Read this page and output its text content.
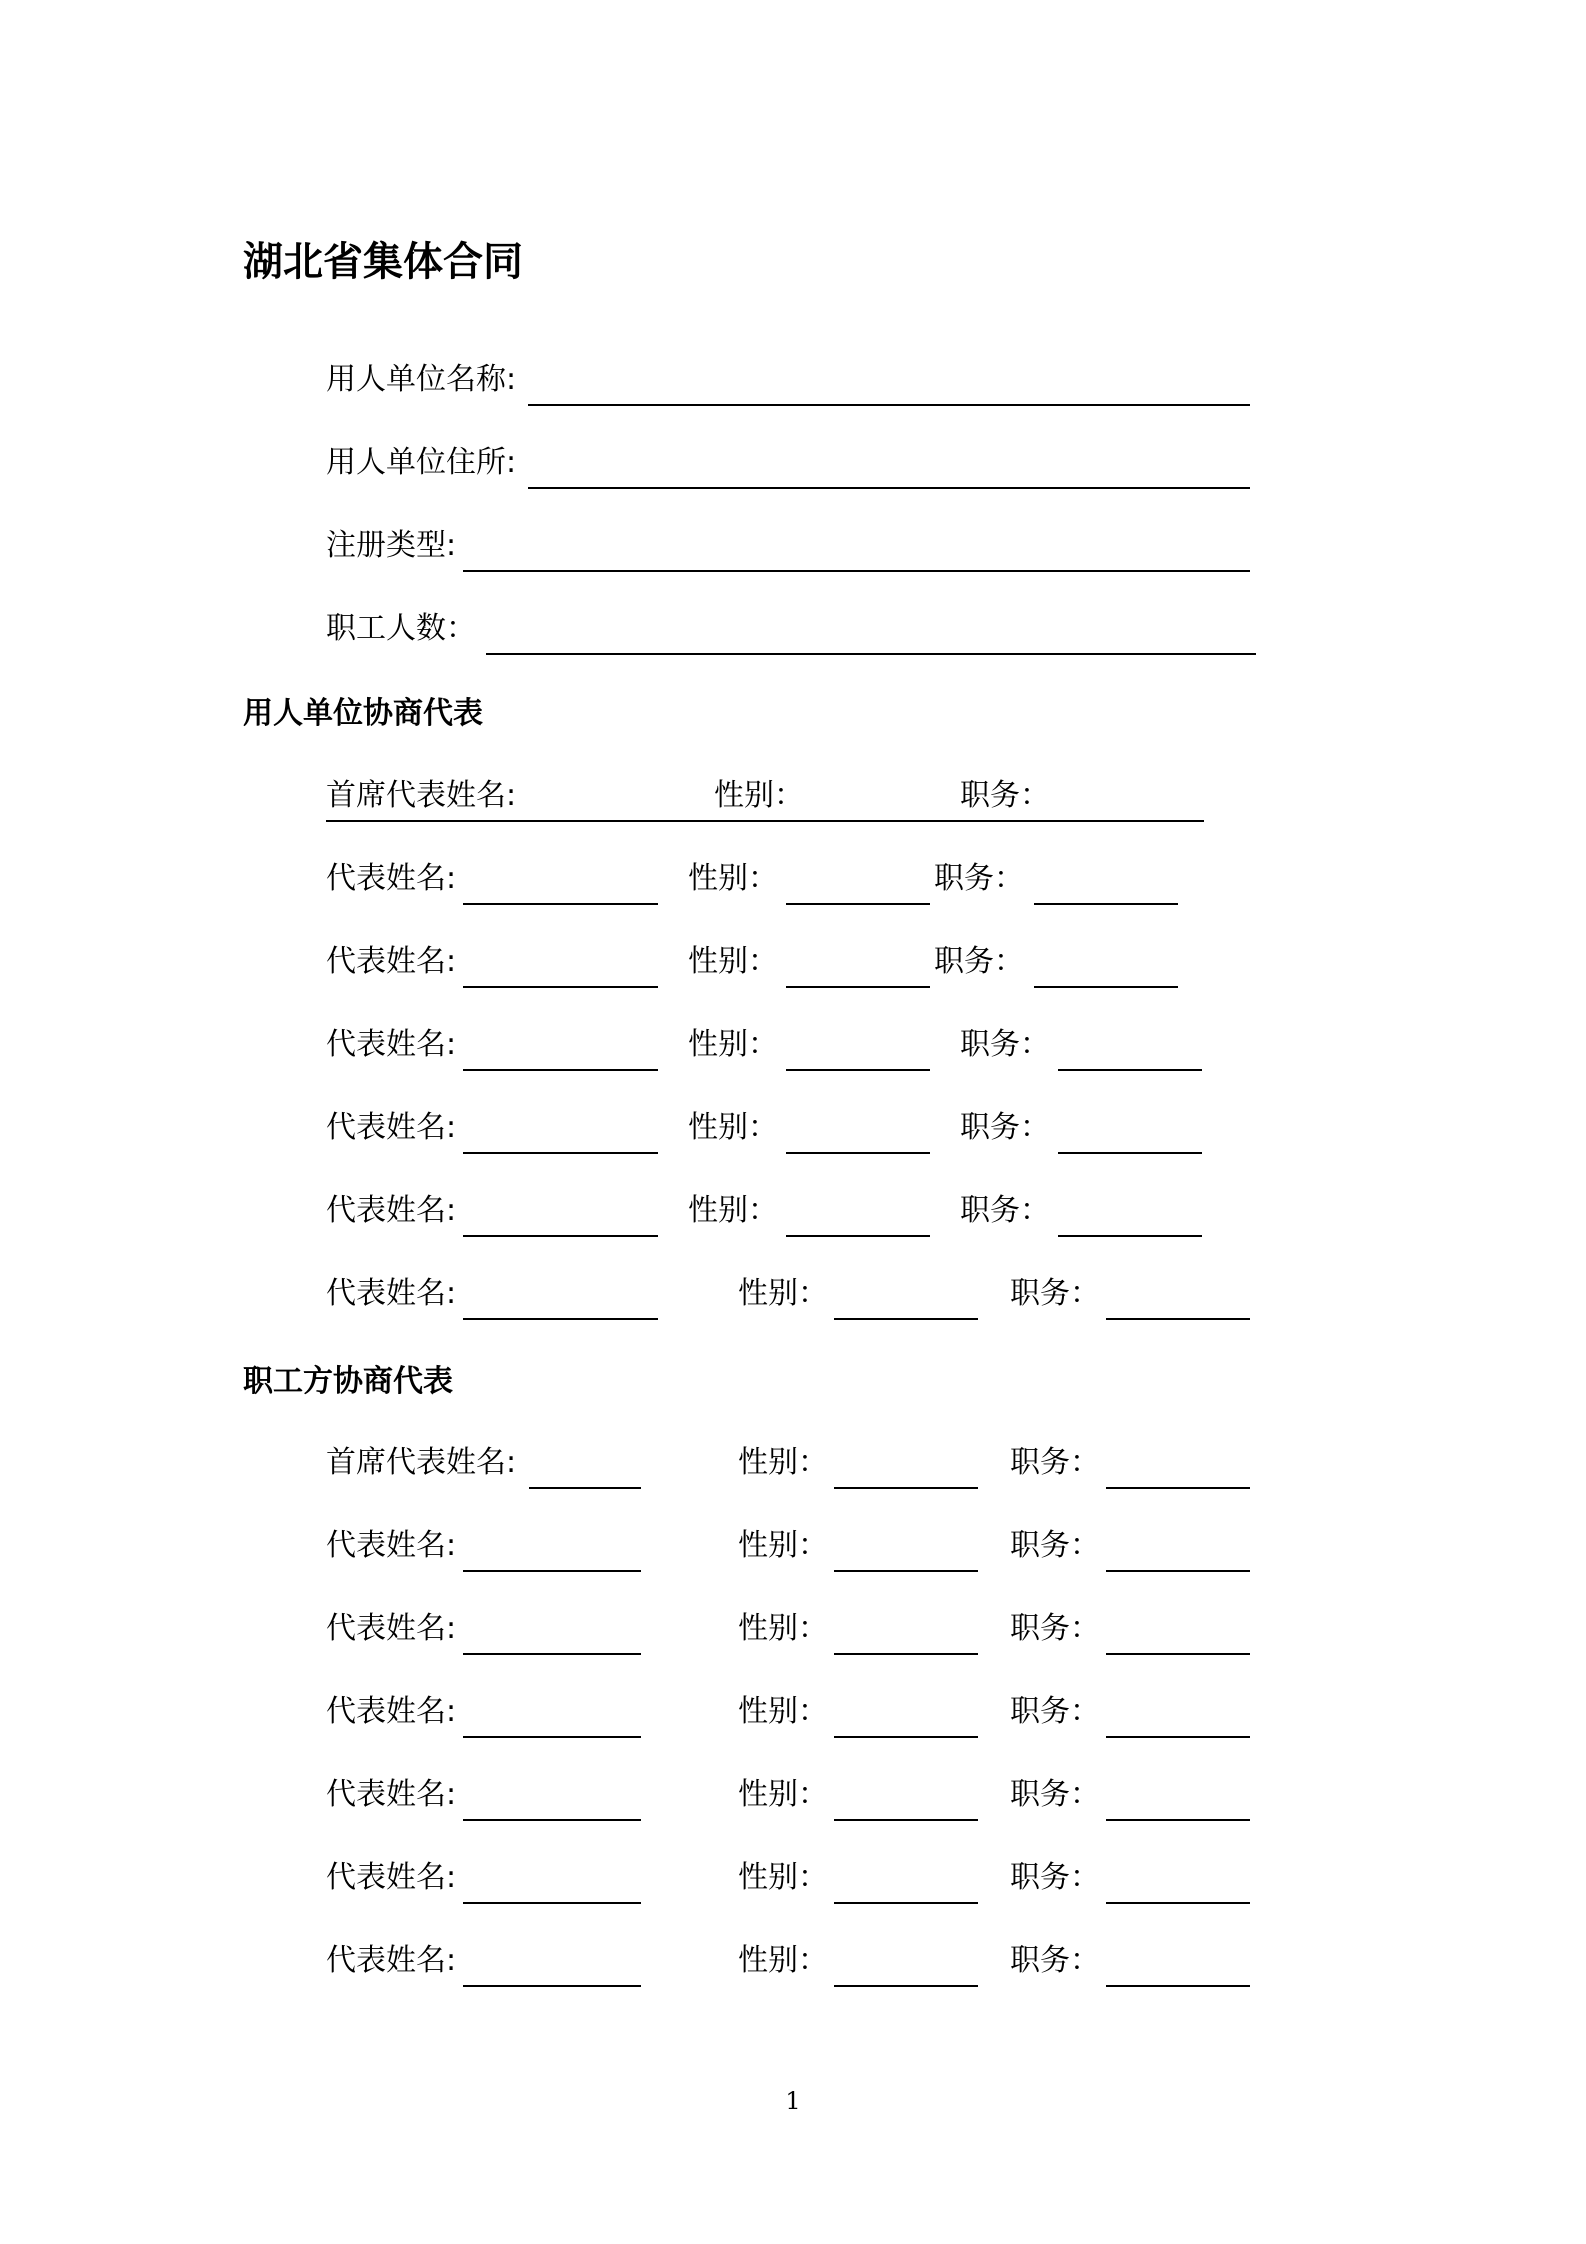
湖北省集体合同
用人单位名称:
用人单位住所:
注册类型:
职工人数：
用人单位协商代表
首席代表姓名:	性别：	职务：
代表姓名:	性别：	职务：
代表姓名:	性别：	职务：
代表姓名:	性别：	职务：
代表姓名:	性别：	职务：
代表姓名:	性别：	职务：
代表姓名:	性别：	职务：
职工方协商代表
首席代表姓名:	性别：	职务：
代表姓名:	性别：	职务：
代表姓名:	性别：	职务：
代表姓名:	性别：	职务：
代表姓名:	性别：	职务：
代表姓名:	性别：	职务：
代表姓名:	性别：	职务：
1
